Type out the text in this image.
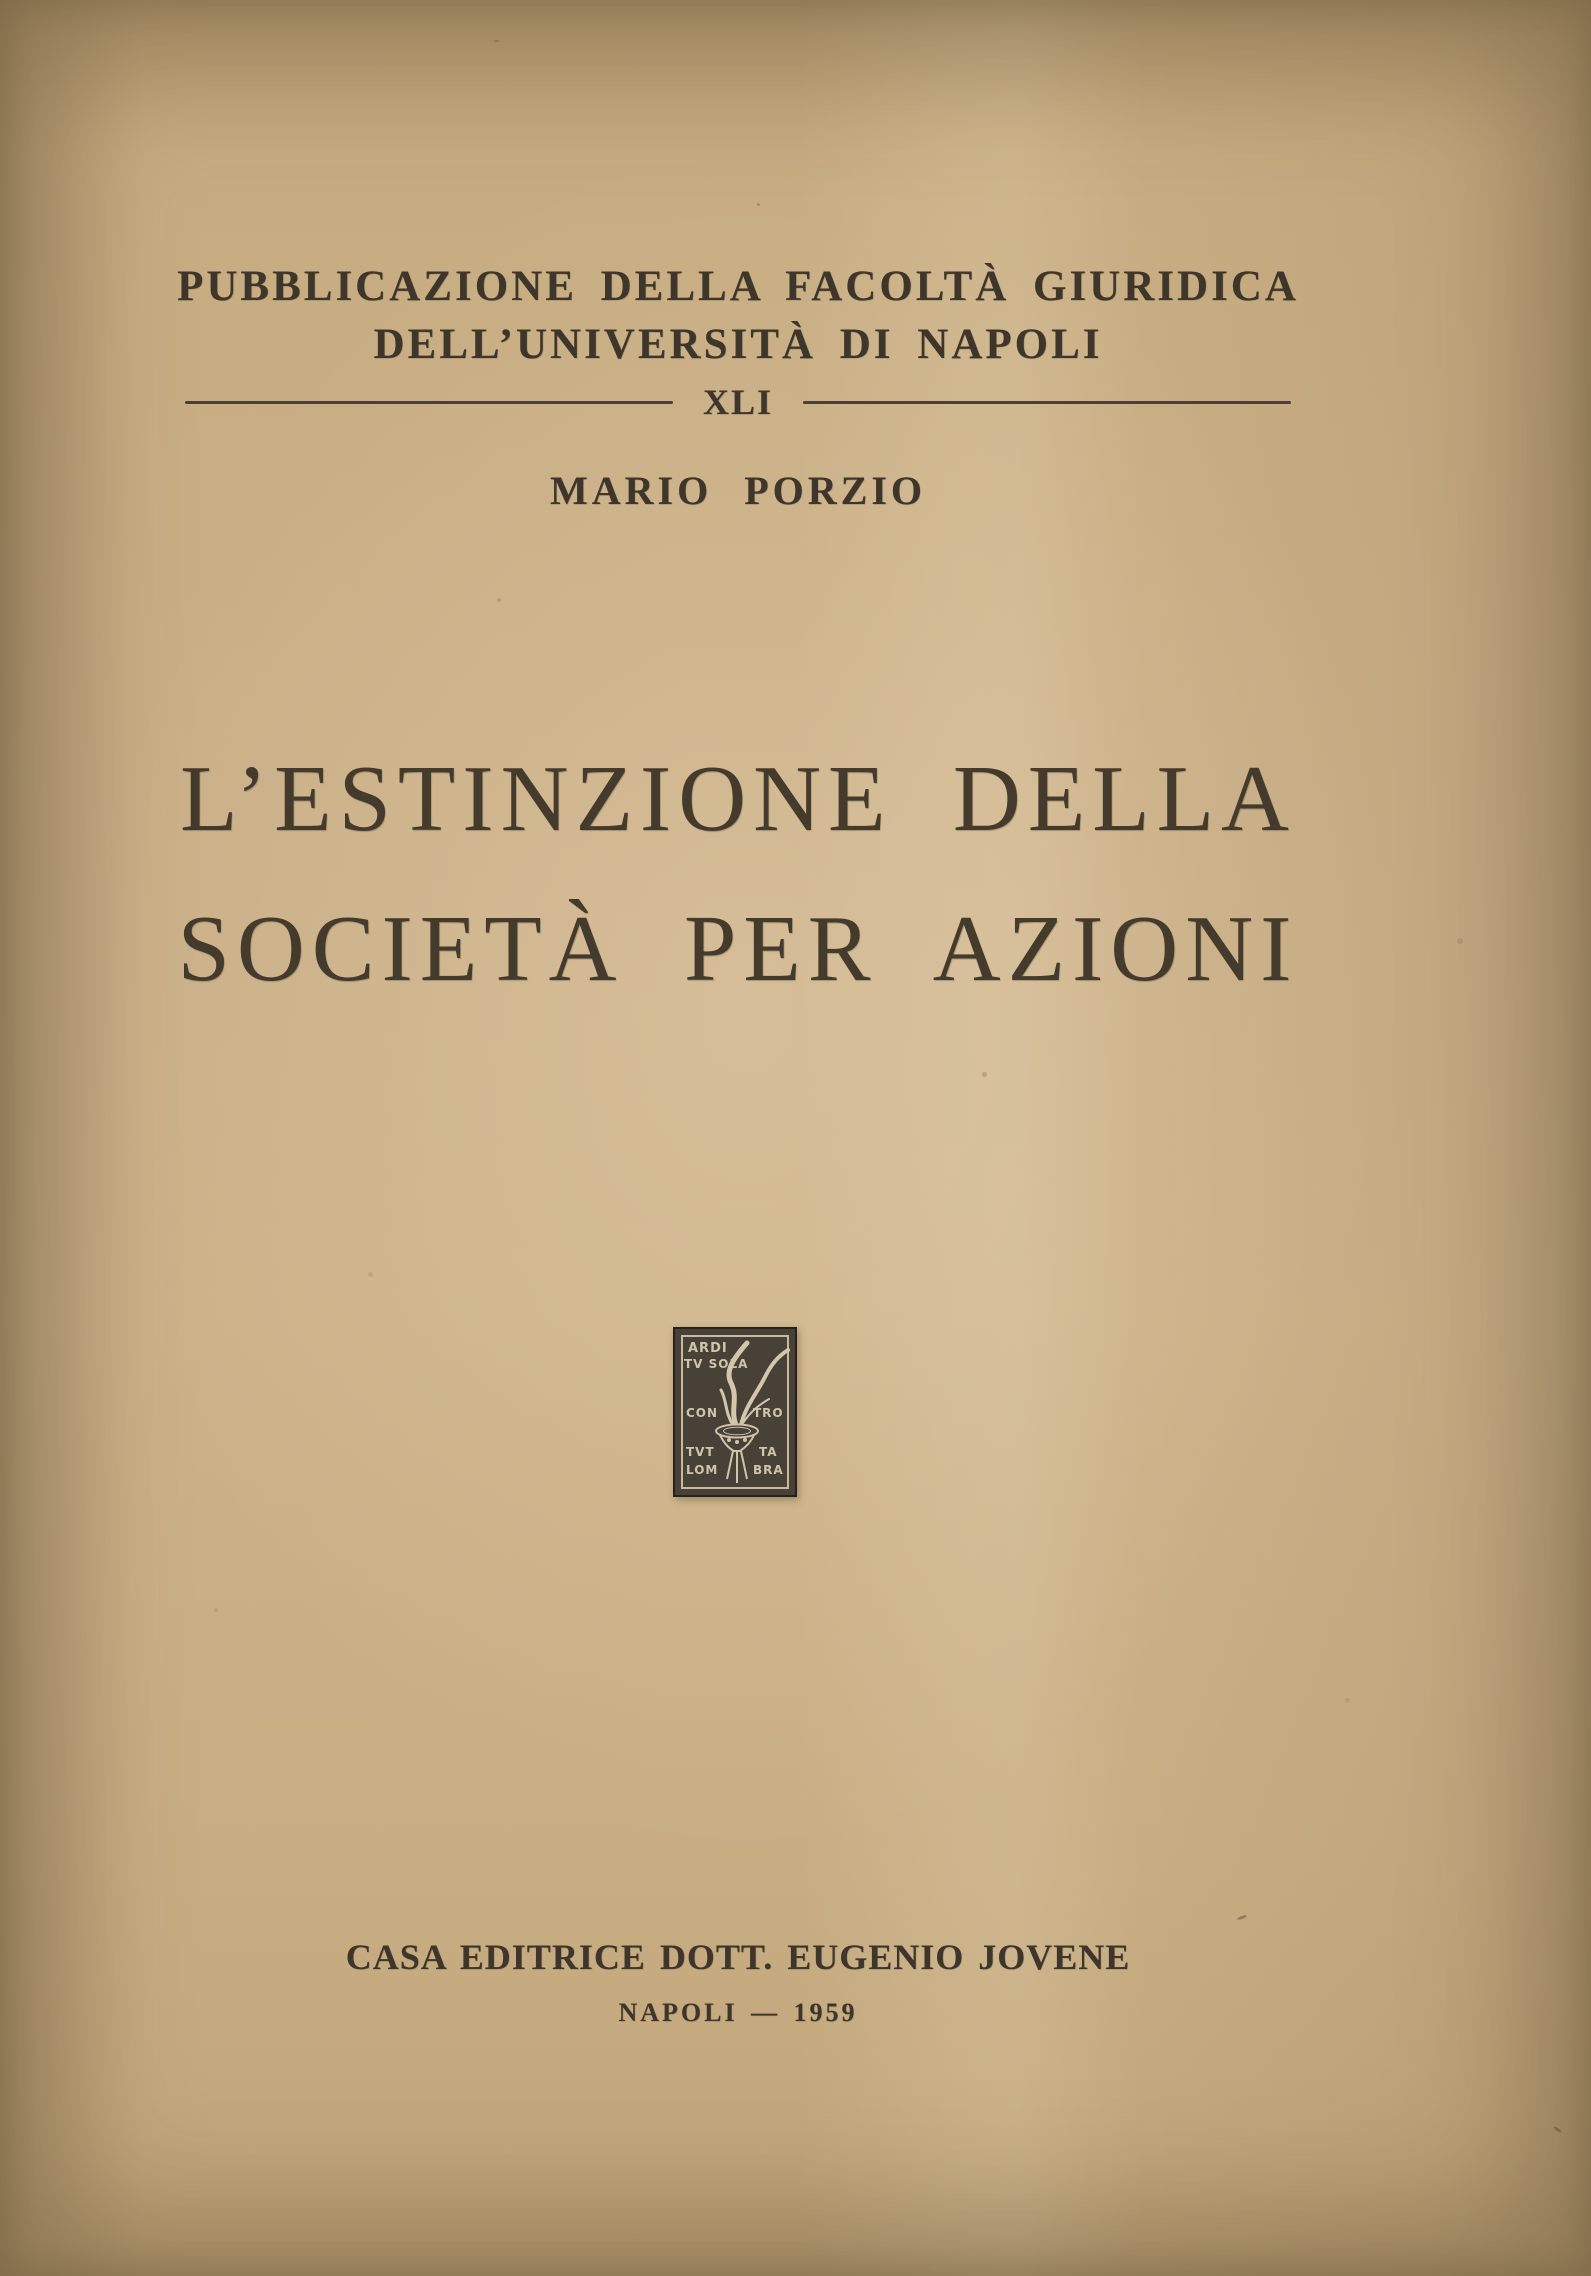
PUBBLICAZIONE DELLA FACOLTÀ GIURIDICA
DELL’UNIVERSITÀ DI NAPOLI
XLI
MARIO PORZIO
L’ESTINZIONE DELLA
SOCIETÀ PER AZIONI
ARDI
TV SOLA
CON	TRO
TVT	TA
LOM	BRA
CASA EDITRICE DOTT. EUGENIO JOVENE
NAPOLI — 1959
